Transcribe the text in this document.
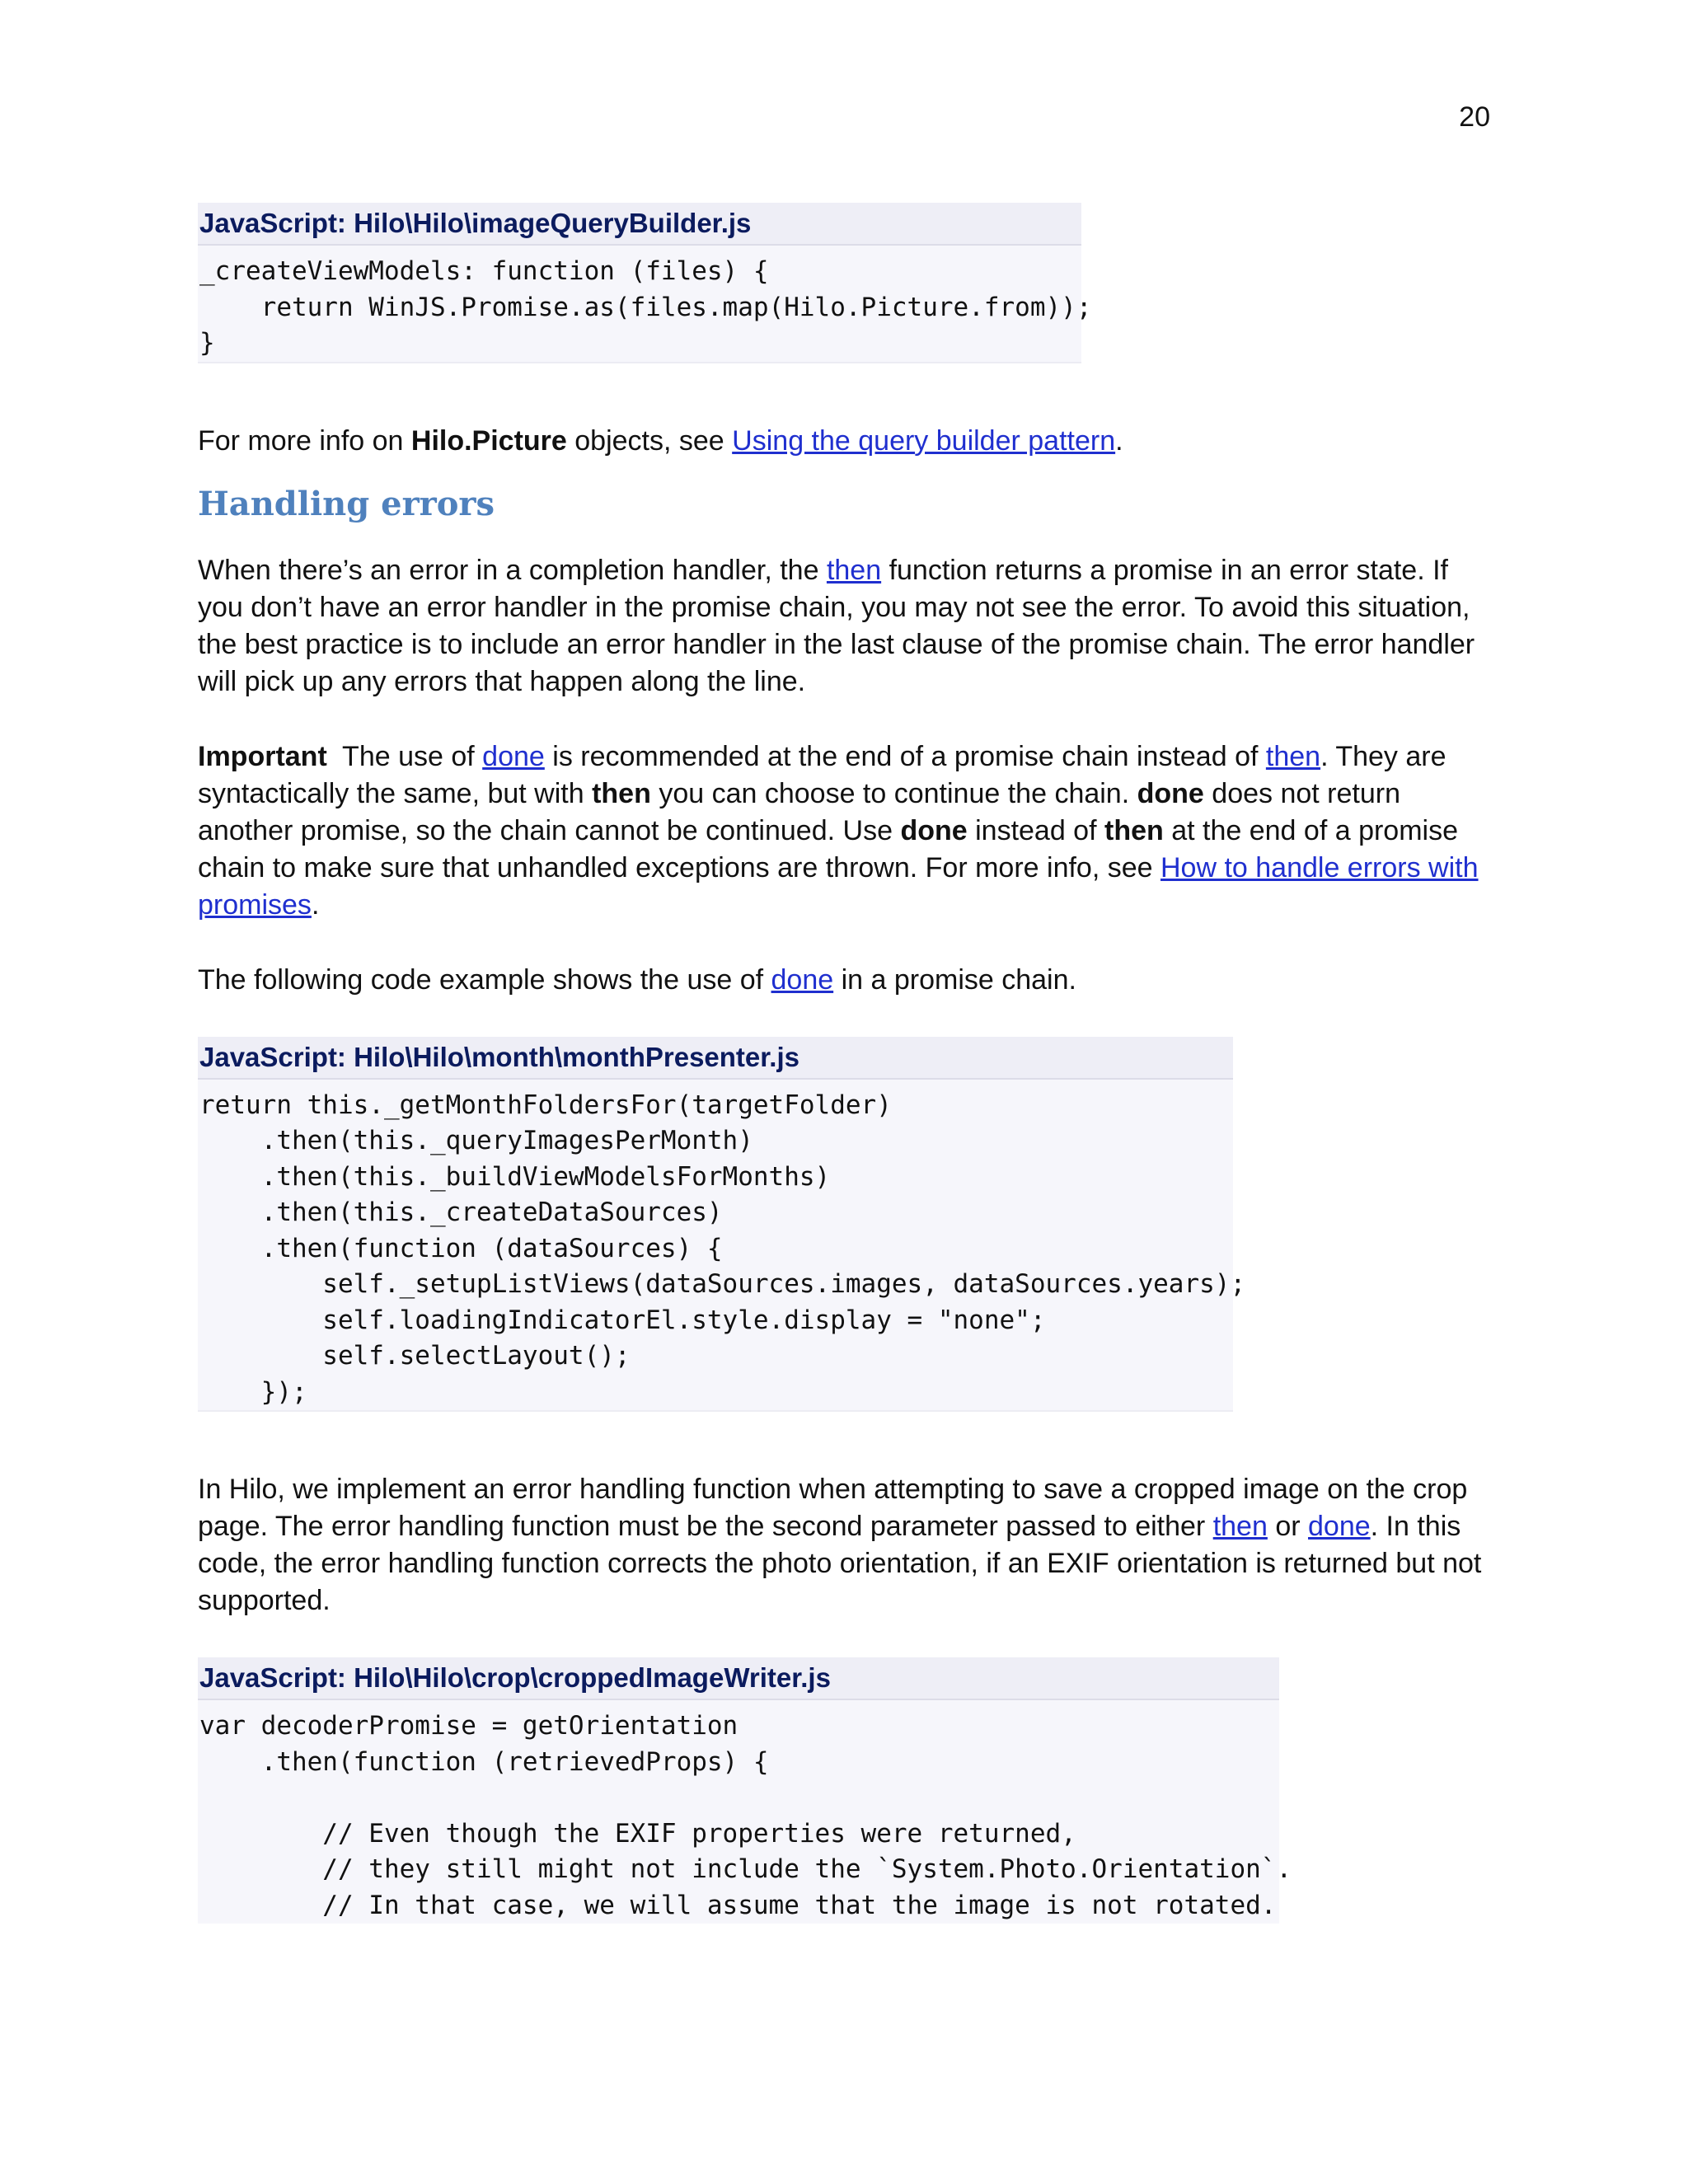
20
JavaScript: Hilo\Hilo\imageQueryBuilder.js
_createViewModels: function (files) {
return WinJS.Promise.as(files.map(Hilo.Picture.from));
}

For more info on Hilo.Picture objects, see Using the query builder pattern.

Handling errors

When there’s an error in a completion handler, the then function returns a promise in an error state. If you don’t have an error handler in the promise chain, you may not see the error. To avoid this situation, the best practice is to include an error handler in the last clause of the promise chain. The error handler will pick up any errors that happen along the line.

Important  The use of done is recommended at the end of a promise chain instead of then. They are syntactically the same, but with then you can choose to continue the chain. done does not return another promise, so the chain cannot be continued. Use done instead of then at the end of a promise chain to make sure that unhandled exceptions are thrown. For more info, see How to handle errors with promises.

The following code example shows the use of done in a promise chain.

JavaScript: Hilo\Hilo\month\monthPresenter.js
return this._getMonthFoldersFor(targetFolder)
.then(this._queryImagesPerMonth)
.then(this._buildViewModelsForMonths)
.then(this._createDataSources)
.then(function (dataSources) {
self._setupListViews(dataSources.images, dataSources.years);
self.loadingIndicatorEl.style.display = "none";
self.selectLayout();
});

In Hilo, we implement an error handling function when attempting to save a cropped image on the crop page. The error handling function must be the second parameter passed to either then or done. In this code, the error handling function corrects the photo orientation, if an EXIF orientation is returned but not supported.

JavaScript: Hilo\Hilo\crop\croppedImageWriter.js
var decoderPromise = getOrientation
.then(function (retrievedProps) {

// Even though the EXIF properties were returned,
// they still might not include the `System.Photo.Orientation`.
// In that case, we will assume that the image is not rotated.
